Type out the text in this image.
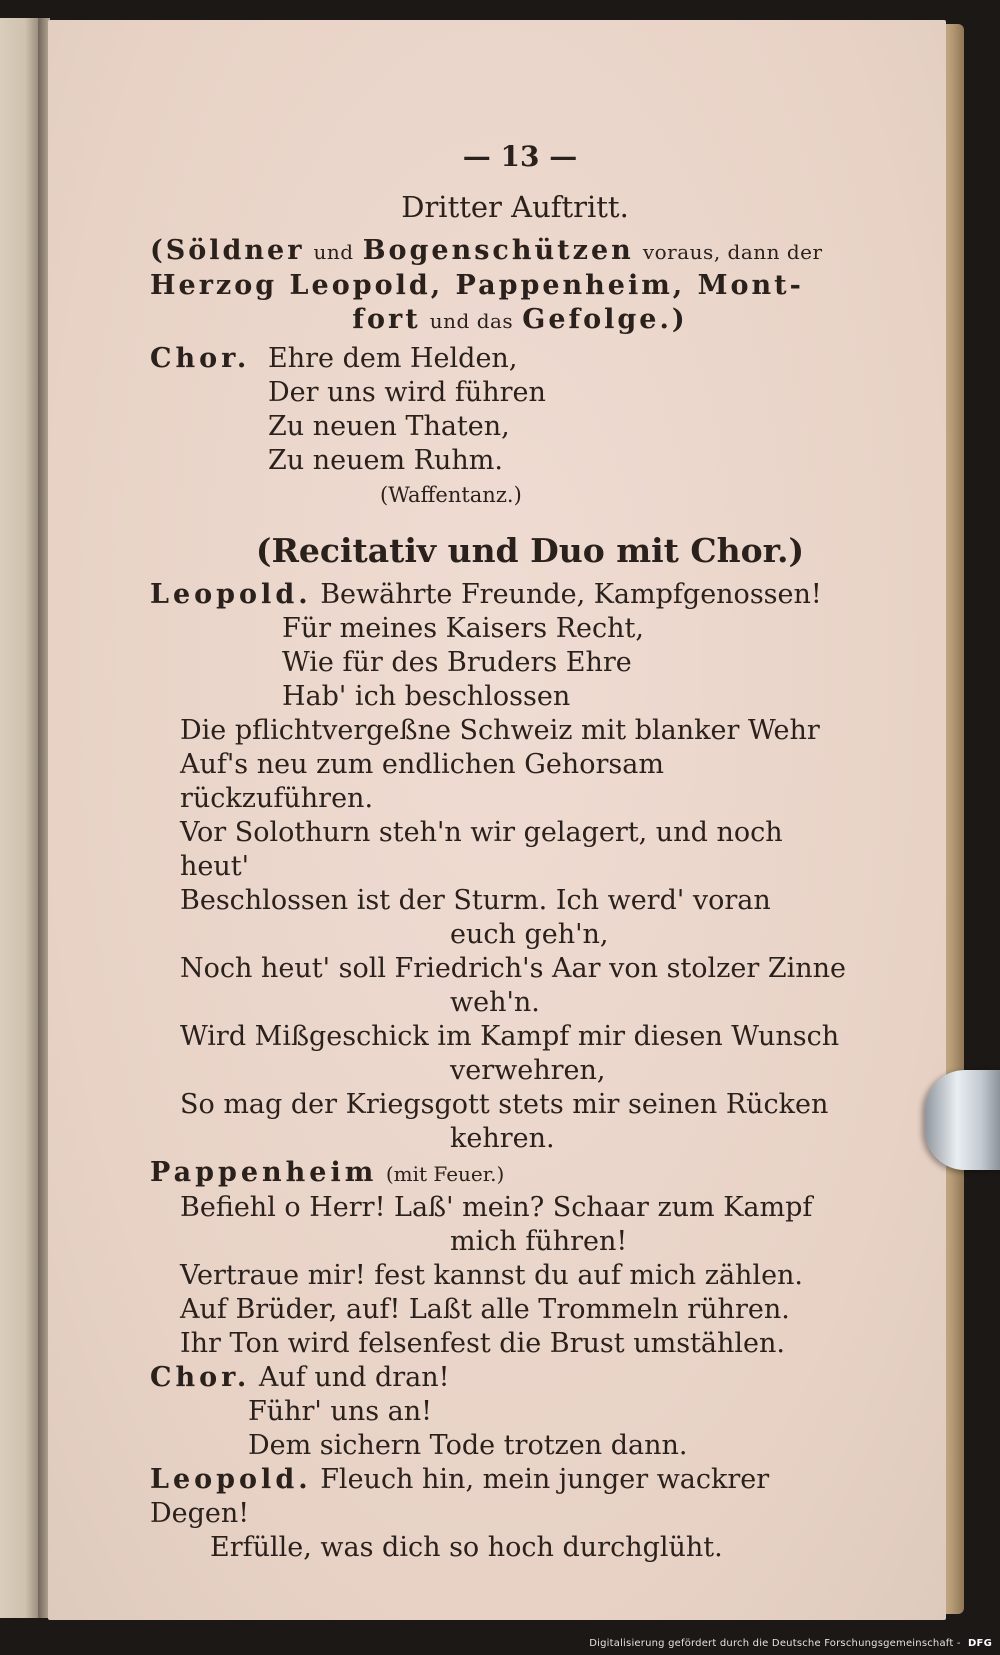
— 13 —
Dritter Auftritt.
(Söldner und Bogenschützen voraus, dann der
Herzog Leopold, Pappenheim, Mont-
fort und das Gefolge.)
Chor. Ehre dem Helden,
Der uns wird führen
Zu neuen Thaten,
Zu neuem Ruhm.
(Waffentanz.)
(Recitativ und Duo mit Chor.)
Leopold. Bewährte Freunde, Kampfgenossen!
Für meines Kaisers Recht,
Wie für des Bruders Ehre
Hab' ich beschlossen
Die pflichtvergeßne Schweiz mit blanker Wehr
Auf's neu zum endlichen Gehorsam rückzuführen.
Vor Solothurn steh'n wir gelagert, und noch heut'
Beschlossen ist der Sturm. Ich werd' voran
euch geh'n,
Noch heut' soll Friedrich's Aar von stolzer Zinne
weh'n.
Wird Mißgeschick im Kampf mir diesen Wunsch
verwehren,
So mag der Kriegsgott stets mir seinen Rücken
kehren.
Pappenheim (mit Feuer.)
Befiehl o Herr! Laß' mein? Schaar zum Kampf
mich führen!
Vertraue mir! fest kannst du auf mich zählen.
Auf Brüder, auf! Laßt alle Trommeln rühren.
Ihr Ton wird felsenfest die Brust umstählen.
Chor. Auf und dran!
Führ' uns an!
Dem sichern Tode trotzen dann.
Leopold. Fleuch hin, mein junger wackrer Degen!
Erfülle, was dich so hoch durchglüht.
Digitalisierung gefördert durch die Deutsche Forschungsgemeinschaft - DFG
